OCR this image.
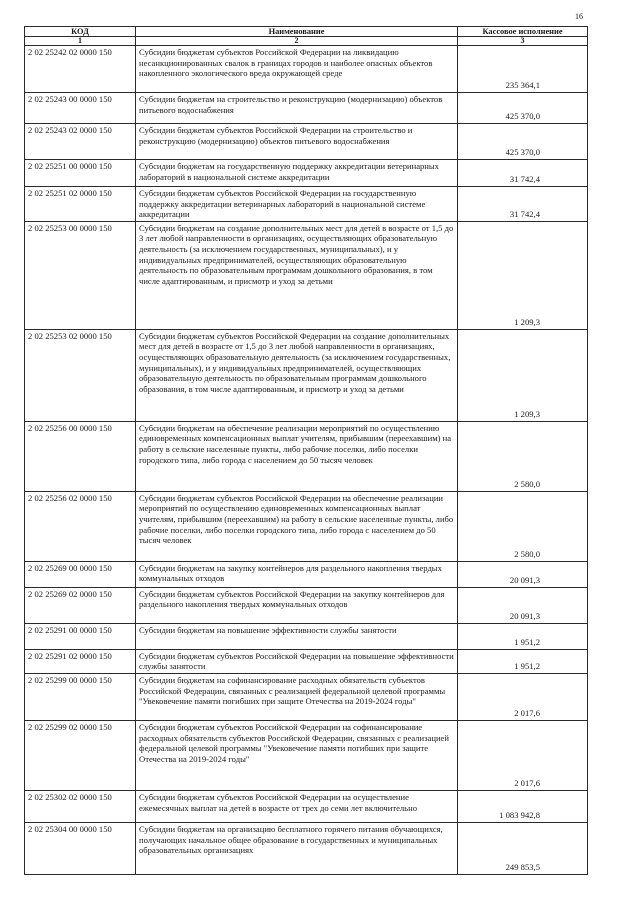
16
КОД	Наименование	Кассовое исполнение
1	2	3
2 02 25242 02 0000 150	Субсидии бюджетам субъектов Российской Федерации на ликвидацию несанкционированных свалок в границах городов и наиболее опасных объектов накопленного экологического вреда окружающей среде	235 364,1
2 02 25243 00 0000 150	Субсидии бюджетам на строительство и реконструкцию (модернизацию) объектов питьевого водоснабжения	425 370,0
2 02 25243 02 0000 150	Субсидии бюджетам субъектов Российской Федерации на строительство и реконструкцию (модернизацию) объектов питьевого водоснабжения	425 370,0
2 02 25251 00 0000 150	Субсидии бюджетам на государственную поддержку аккредитации ветеринарных лабораторий в национальной системе аккредитации	31 742,4
2 02 25251 02 0000 150	Субсидии бюджетам субъектов Российской Федерации на государственную поддержку аккредитации ветеринарных лабораторий в национальной системе аккредитации	31 742,4
2 02 25253 00 0000 150	Субсидии бюджетам на создание дополнительных мест для детей в возрасте от 1,5 до 3 лет любой направленности в организациях, осуществляющих образовательную деятельность (за исключением государственных, муниципальных), и у индивидуальных предпринимателей, осуществляющих образовательную деятельность по образовательным программам дошкольного образования, в том числе адаптированным, и присмотр и уход за детьми	1 209,3
2 02 25253 02 0000 150	Субсидии бюджетам субъектов Российской Федерации на создание дополнительных мест для детей в возрасте от 1,5 до 3 лет любой направленности в организациях, осуществляющих образовательную деятельность (за исключением государственных, муниципальных), и у индивидуальных предпринимателей, осуществляющих образовательную деятельность по образовательным программам дошкольного образования, в том числе адаптированным, и присмотр и уход за детьми	1 209,3
2 02 25256 00 0000 150	Субсидии бюджетам на обеспечение реализации мероприятий по осуществлению единовременных компенсационных выплат учителям, прибывшим (переехавшим) на работу в сельские населенные пункты, либо рабочие поселки, либо поселки городского типа, либо города с населением до 50 тысяч человек	2 580,0
2 02 25256 02 0000 150	Субсидии бюджетам субъектов Российской Федерации на обеспечение реализации мероприятий по осуществлению единовременных компенсационных выплат учителям, прибывшим (переехавшим) на работу в сельские населенные пункты, либо рабочие поселки, либо поселки городского типа, либо города с населением до 50 тысяч человек	2 580,0
2 02 25269 00 0000 150	Субсидии бюджетам на закупку контейнеров для раздельного накопления твердых коммунальных отходов	20 091,3
2 02 25269 02 0000 150	Субсидии бюджетам субъектов Российской Федерации на закупку контейнеров для раздельного накопления твердых коммунальных отходов	20 091,3
2 02 25291 00 0000 150	Субсидии бюджетам на повышение эффективности службы занятости	1 951,2
2 02 25291 02 0000 150	Субсидии бюджетам субъектов Российской Федерации на повышение эффективности службы занятости	1 951,2
2 02 25299 00 0000 150	Субсидии бюджетам на софинансирование расходных обязательств субъектов Российской Федерации, связанных с реализацией федеральной целевой программы "Увековечение памяти погибших при защите Отечества на 2019-2024 годы"	2 017,6
2 02 25299 02 0000 150	Субсидии бюджетам субъектов Российской Федерации на софинансирование расходных обязательств субъектов Российской Федерации, связанных с реализацией федеральной целевой программы "Увековечение памяти погибших при защите Отечества на 2019-2024 годы"	2 017,6
2 02 25302 02 0000 150	Субсидии бюджетам субъектов Российской Федерации на осуществление ежемесячных выплат на детей в возрасте от трех до семи лет включительно	1 083 942,8
2 02 25304 00 0000 150	Субсидии бюджетам на организацию бесплатного горячего питания обучающихся, получающих начальное общее образование в государственных и муниципальных образовательных организациях	249 853,5
